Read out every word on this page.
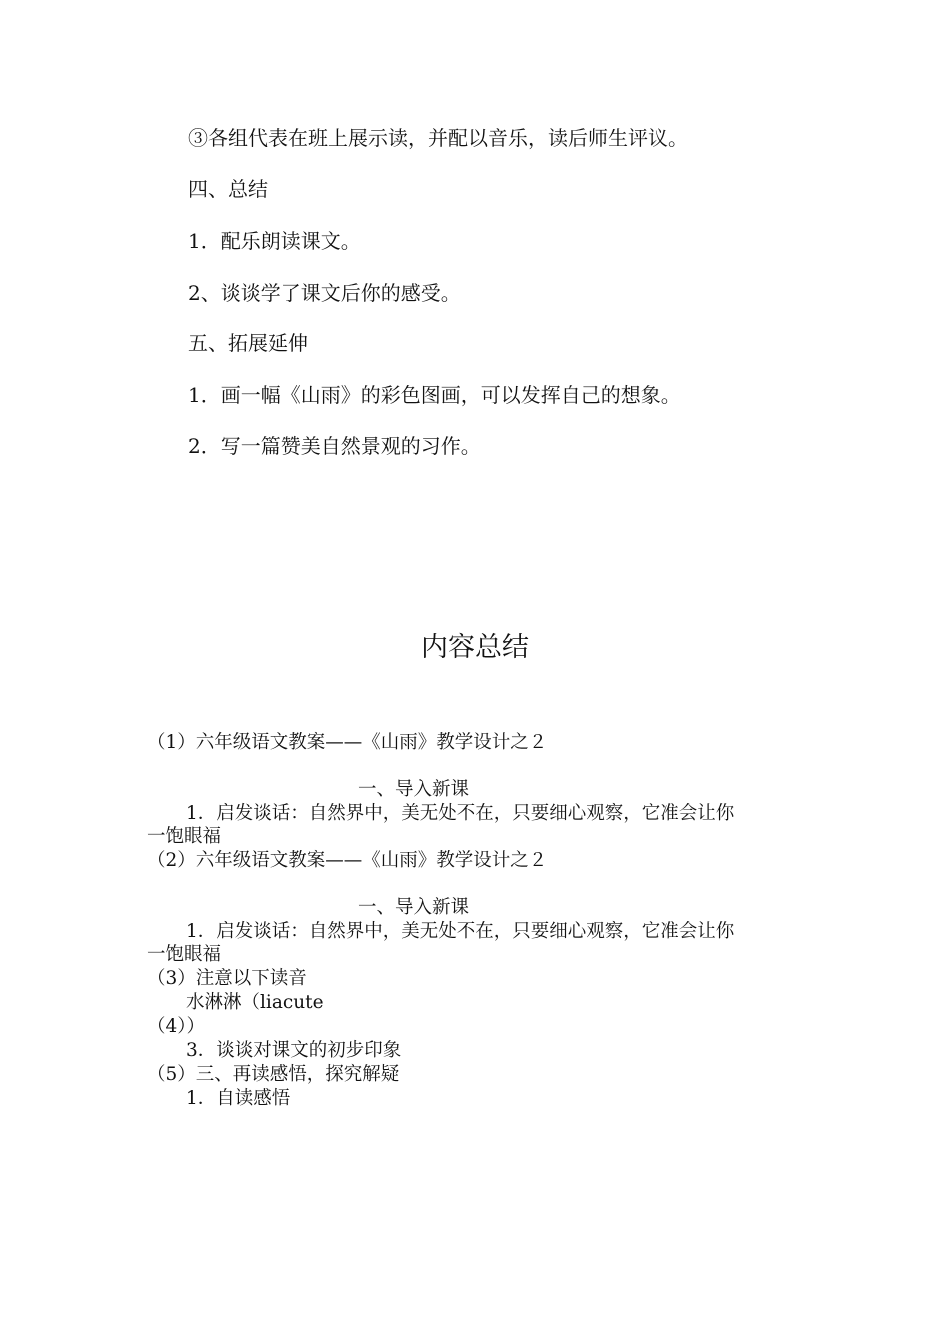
③各组代表在班上展示读，并配以音乐，读后师生评议。
四、总结
1．配乐朗读课文。
2、谈谈学了课文后你的感受。
五、拓展延伸
1．画一幅《山雨》的彩色图画，可以发挥自己的想象。
2．写一篇赞美自然景观的习作。
内容总结
（1）六年级语文教案——《山雨》教学设计之２
一、导入新课
1．启发谈话：自然界中，美无处不在，只要细心观察，它准会让你
一饱眼福
（2）六年级语文教案——《山雨》教学设计之２
一、导入新课
1．启发谈话：自然界中，美无处不在，只要细心观察，它准会让你
一饱眼福
（3）注意以下读音
水淋淋（liacute
（4））
3．谈谈对课文的初步印象
（5）三、再读感悟，探究解疑
1．自读感悟
